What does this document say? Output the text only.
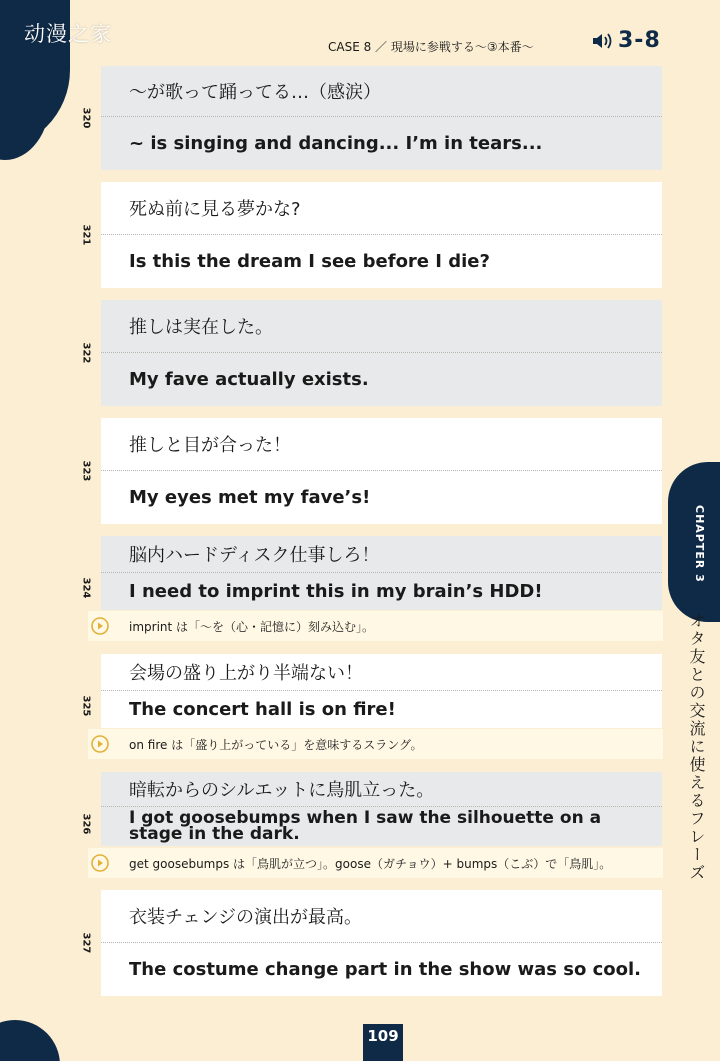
动漫之家
CASE 8 ／ 現場に参戦する〜③本番〜	3-8
〜が歌って踊ってる…（感涙）
~ is singing and dancing... I’m in tears...
320
死ぬ前に見る夢かな?
Is this the dream I see before I die?
321
推しは実在した。
My fave actually exists.
322
推しと目が合った！
My eyes met my fave’s!
323
脳内ハードディスク仕事しろ！
I need to imprint this in my brain’s HDD!
imprint は「〜を（心・記憶に）刻み込む」。
324
会場の盛り上がり半端ない！
The concert hall is on fire!
on fire は「盛り上がっている」を意味するスラング。
325
暗転からのシルエットに鳥肌立った。
I got goosebumps when I saw the silhouette on a stage in the dark.
get goosebumps は「鳥肌が立つ」。goose（ガチョウ）+ bumps（こぶ）で「鳥肌」。
326
衣装チェンジの演出が最高。
The costume change part in the show was so cool.
327
CHAPTER 3
オタ友との交流に使えるフレーズ
109
